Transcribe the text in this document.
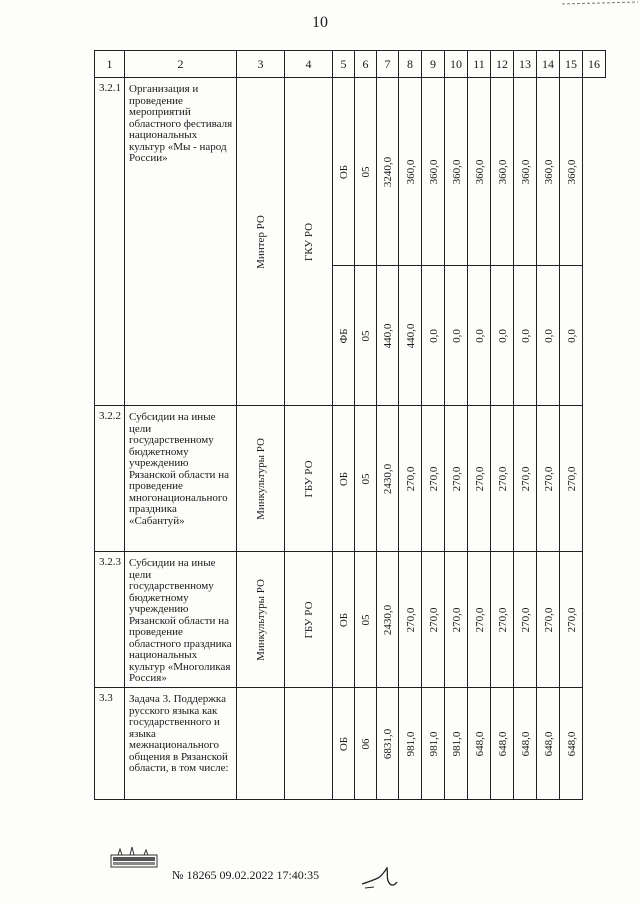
10
1	2	3	4	5	6	7	8	9	10	11	12	13	14	15	16
3.2.1	Организация и проведение мероприятий областного фестиваля национальных культур «Мы - народ России»	Минтер РО	ГКУ РО	ОБ	05	3240,0	360,0	360,0	360,0	360,0	360,0	360,0	360,0	360,0	

				ФБ	05	440,0	440,0	0,0	0,0	0,0	0,0	0,0	0,0	0,0	

3.2.2	Субсидии на иные цели государственному бюджетному учреждению Рязанской области на проведение многонационального праздника «Сабантуй»	Минкультуры РО	ГБУ РО	ОБ	05	2430,0	270,0	270,0	270,0	270,0	270,0	270,0	270,0	270,0	

3.2.3	Субсидии на иные цели государственному бюджетному учреждению Рязанской области на проведение областного праздника национальных культур «Многоликая Россия»	Минкультуры РО	ГБУ РО	ОБ	05	2430,0	270,0	270,0	270,0	270,0	270,0	270,0	270,0	270,0	

3.3	Задача 3. Поддержка русского языка как государственного и языка межнационального общения в Рязанской области, в том числе:			ОБ	06	6831,0	981,0	981,0	981,0	648,0	648,0	648,0	648,0	648,0	
№ 18265 09.02.2022 17:40:35
